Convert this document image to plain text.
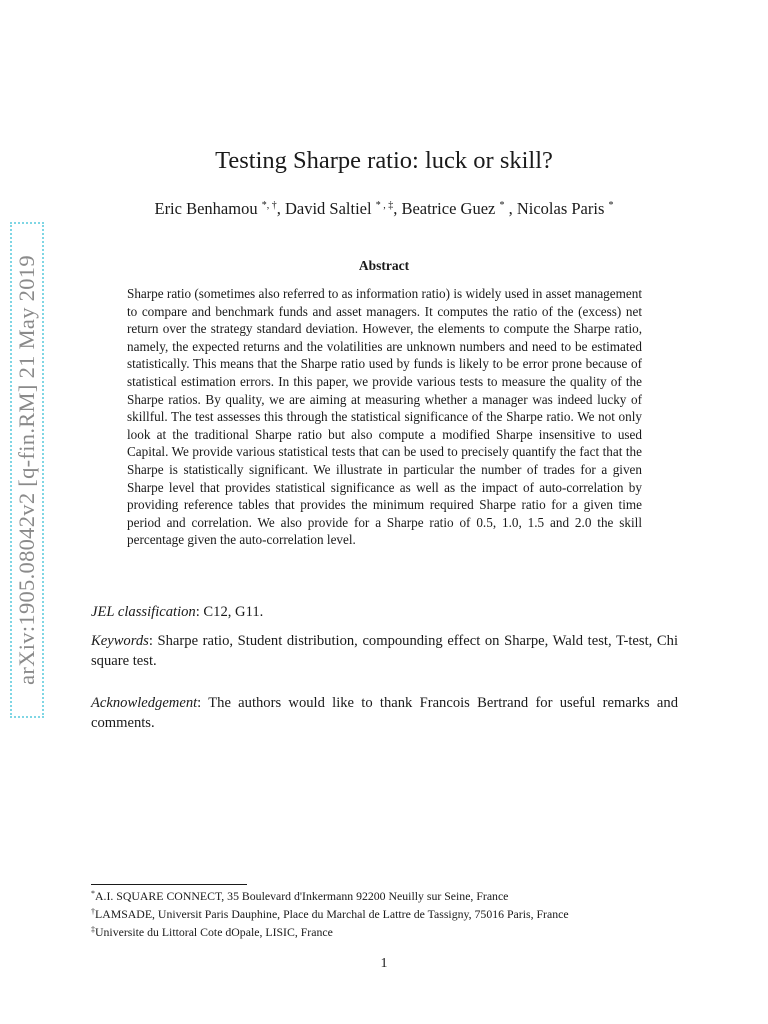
arXiv:1905.08042v2 [q-fin.RM] 21 May 2019
Testing Sharpe ratio: luck or skill?
Eric Benhamou *, †, David Saltiel * , ‡, Beatrice Guez * , Nicolas Paris *
Abstract
Sharpe ratio (sometimes also referred to as information ratio) is widely used in asset management to compare and benchmark funds and asset managers. It computes the ratio of the (excess) net return over the strategy standard deviation. However, the elements to compute the Sharpe ratio, namely, the expected returns and the volatilities are unknown numbers and need to be estimated statistically. This means that the Sharpe ratio used by funds is likely to be error prone because of statistical estimation errors. In this paper, we provide various tests to measure the quality of the Sharpe ratios. By quality, we are aiming at measuring whether a manager was indeed lucky of skillful. The test assesses this through the statistical significance of the Sharpe ratio. We not only look at the traditional Sharpe ratio but also compute a modified Sharpe insensitive to used Capital. We provide various statistical tests that can be used to precisely quantify the fact that the Sharpe is statistically significant. We illustrate in particular the number of trades for a given Sharpe level that provides statistical significance as well as the impact of auto-correlation by providing reference tables that provides the minimum required Sharpe ratio for a given time period and correlation. We also provide for a Sharpe ratio of 0.5, 1.0, 1.5 and 2.0 the skill percentage given the auto-correlation level.
JEL classification: C12, G11.
Keywords: Sharpe ratio, Student distribution, compounding effect on Sharpe, Wald test, T-test, Chi square test.
Acknowledgement: The authors would like to thank Francois Bertrand for useful remarks and comments.
*A.I. SQUARE CONNECT, 35 Boulevard d'Inkermann 92200 Neuilly sur Seine, France
†LAMSADE, Universit Paris Dauphine, Place du Marchal de Lattre de Tassigny, 75016 Paris, France
‡Universite du Littoral Cote dOpale, LISIC, France
1
